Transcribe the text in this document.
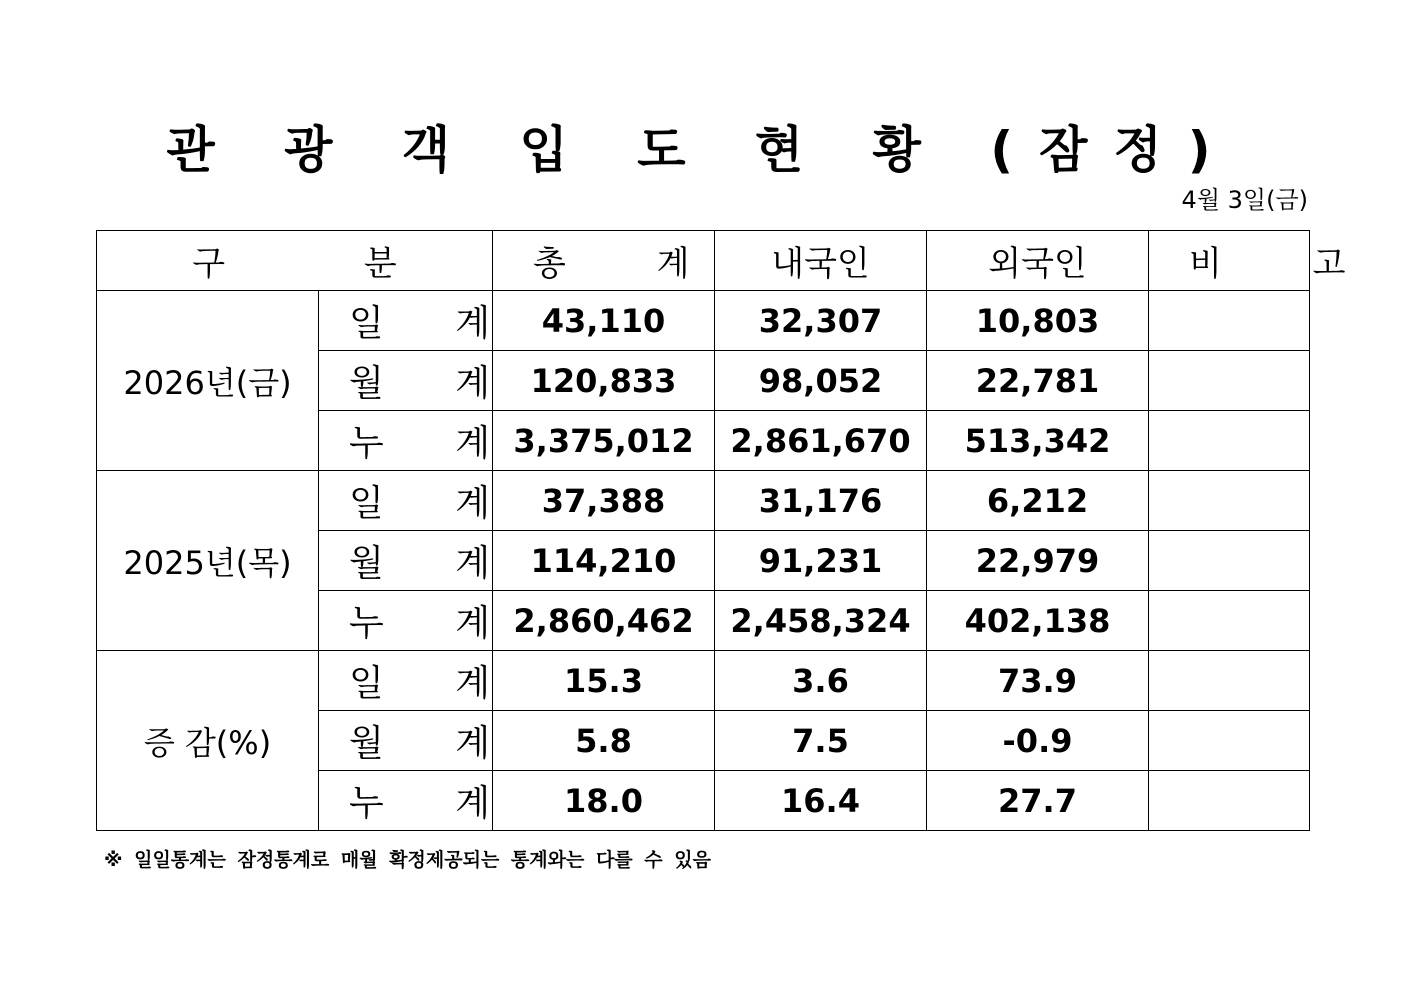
관 광 객 입 도 현 황 (잠정)
4월 3일(금)
구 분		총 계	내국인	외국인	비 고
2026년(금)	일 계	43,110	32,307	10,803	
	월 계	120,833	98,052	22,781	
	누 계	3,375,012	2,861,670	513,342	
2025년(목)	일 계	37,388	31,176	6,212	
	월 계	114,210	91,231	22,979	
	누 계	2,860,462	2,458,324	402,138	
증 감(%)	일 계	15.3	3.6	73.9	
	월 계	5.8	7.5	-0.9	
	누 계	18.0	16.4	27.7	
※ 일일통계는 잠정통계로 매월 확정제공되는 통계와는 다를 수 있음
